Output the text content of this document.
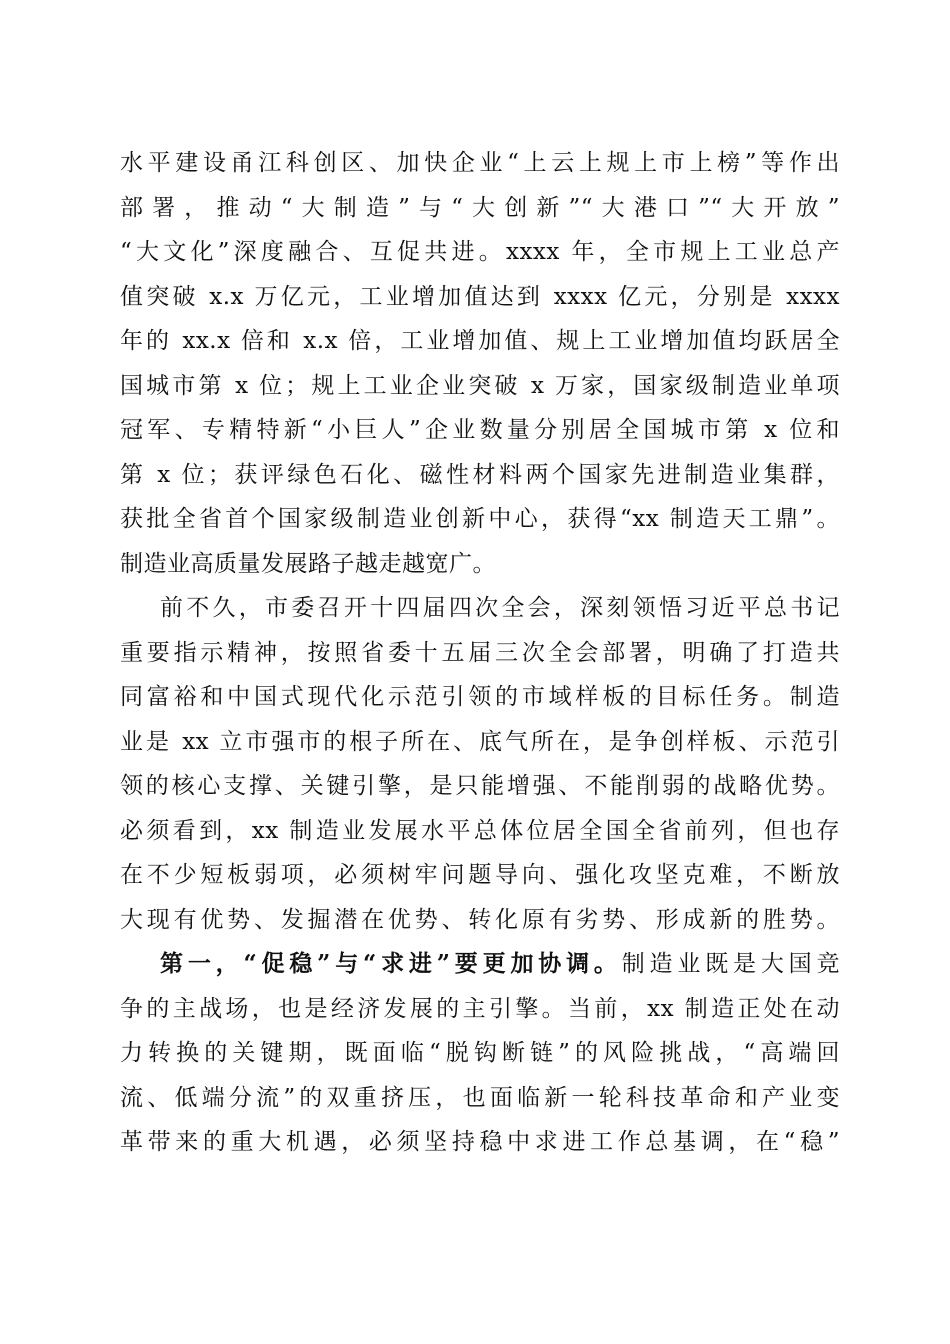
水平建设甬江科创区、加快企业“上云上规上市上榜”等作出
部署，推动“大制造”与“大创新”“大港口”“大开放”
“大文化”深度融合、互促共进。xxxx 年，全市规上工业总产
值突破 x.x 万亿元，工业增加值达到 xxxx 亿元，分别是 xxxx
年的 xx.x 倍和 x.x 倍，工业增加值、规上工业增加值均跃居全
国城市第 x 位；规上工业企业突破 x 万家，国家级制造业单项
冠军、专精特新“小巨人”企业数量分别居全国城市第 x 位和
第 x 位；获评绿色石化、磁性材料两个国家先进制造业集群，
获批全省首个国家级制造业创新中心，获得“xx 制造天工鼎”。
制造业高质量发展路子越走越宽广。
前不久，市委召开十四届四次全会，深刻领悟习近平总书记
重要指示精神，按照省委十五届三次全会部署，明确了打造共
同富裕和中国式现代化示范引领的市域样板的目标任务。制造
业是 xx 立市强市的根子所在、底气所在，是争创样板、示范引
领的核心支撑、关键引擎，是只能增强、不能削弱的战略优势。
必须看到，xx 制造业发展水平总体位居全国全省前列，但也存
在不少短板弱项，必须树牢问题导向、强化攻坚克难，不断放
大现有优势、发掘潜在优势、转化原有劣势、形成新的胜势。
第一，“促稳”与“求进”要更加协调。制造业既是大国竞
争的主战场，也是经济发展的主引擎。当前，xx 制造正处在动
力转换的关键期，既面临“脱钩断链”的风险挑战，“高端回
流、低端分流”的双重挤压，也面临新一轮科技革命和产业变
革带来的重大机遇，必须坚持稳中求进工作总基调，在“稳”
